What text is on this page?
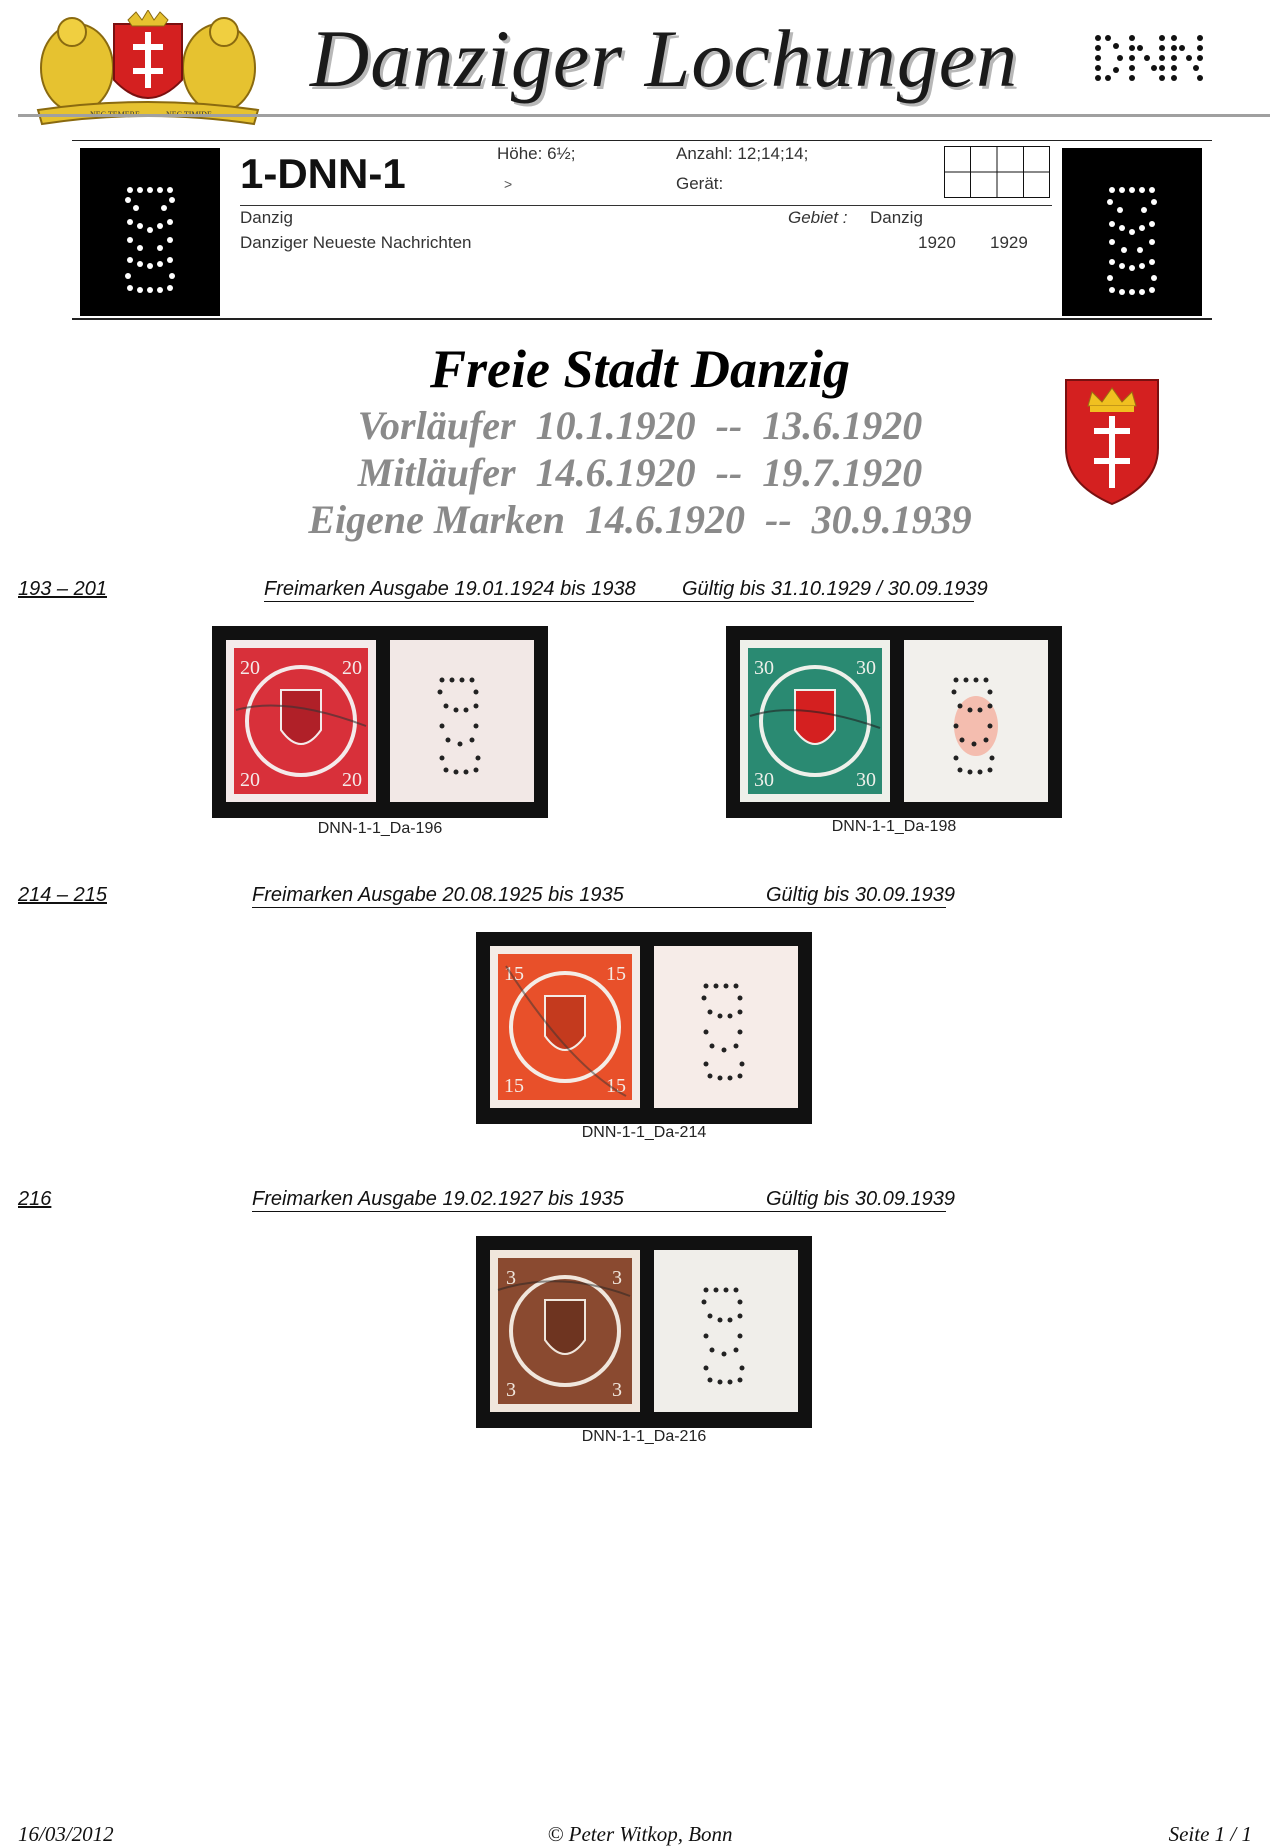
Danziger Lochungen
1-DNN-1	Höhe: 6½;
>
Anzahl: 12;14;14;
Gerät:
Danzig
Danziger Neueste Nachrichten
Gebiet : Danzig
1920 1929
Freie Stadt Danzig
Vorläufer  10.1.1920  --  13.6.1920
Mitläufer  14.6.1920  --  19.7.1920
Eigene Marken  14.6.1920  --  30.9.1939
193 – 201	Freimarken Ausgabe 19.01.1924 bis 1938 Gültig bis 31.10.1929 / 30.09.1939
20	20
20	20
DNN-1-1_Da-196
30	30
30	30
DNN-1-1_Da-198
214 – 215	Freimarken Ausgabe 20.08.1925 bis 1935	Gültig bis 30.09.1939
15	15
15	15
DNN-1-1_Da-214
216	Freimarken Ausgabe 19.02.1927 bis 1935	Gültig bis 30.09.1939
3	3
3	3
DNN-1-1_Da-216
16/03/2012	© Peter Witkop, Bonn	Seite 1 / 1
